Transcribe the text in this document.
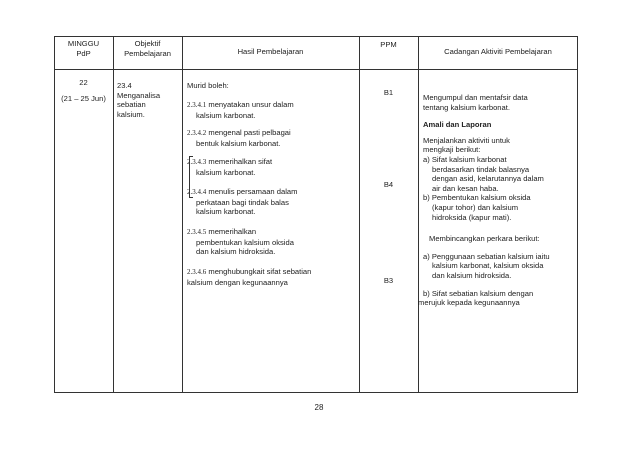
MINGGU
PdP
Objektif
Pembelajaran	Hasil Pembelajaran
PPM
Cadangan Aktiviti Pembelajaran
22
(21 – 25 Jun)
23.4
Menganalisa
sebatian
kalsium.
Murid boleh:
2.3.4.1 menyatakan unsur dalam
kalsium karbonat.
2.3.4.2 mengenal pasti pelbagai
bentuk kalsium karbonat.
2.3.4.3 memerihalkan sifat
kalsium karbonat.
2.3.4.4 menulis persamaan dalam
perkataan bagi tindak balas
kalsium karbonat.
2.3.4.5 memerihalkan
pembentukan kalsium oksida
dan kalsium hidroksida.
2.3.4.6 menghubungkait sifat sebatian
kalsium dengan kegunaannya
B1
B4
B3
Mengumpul dan mentafsir data
tentang kalsium karbonat.
Amali dan Laporan
Menjalankan aktiviti untuk
mengkaji berikut:
a) Sifat kalsium karbonat
berdasarkan tindak balasnya
dengan asid, kelarutannya dalam
air dan kesan haba.
b) Pembentukan kalsium oksida
(kapur tohor) dan kalsium
hidroksida (kapur mati).
Membincangkan perkara berikut:
a) Penggunaan sebatian kalsium iaitu
kalsium karbonat, kalsium oksida
dan kalsium hidroksida.
b) Sifat sebatian kalsium dengan
merujuk kepada kegunaannya
28
